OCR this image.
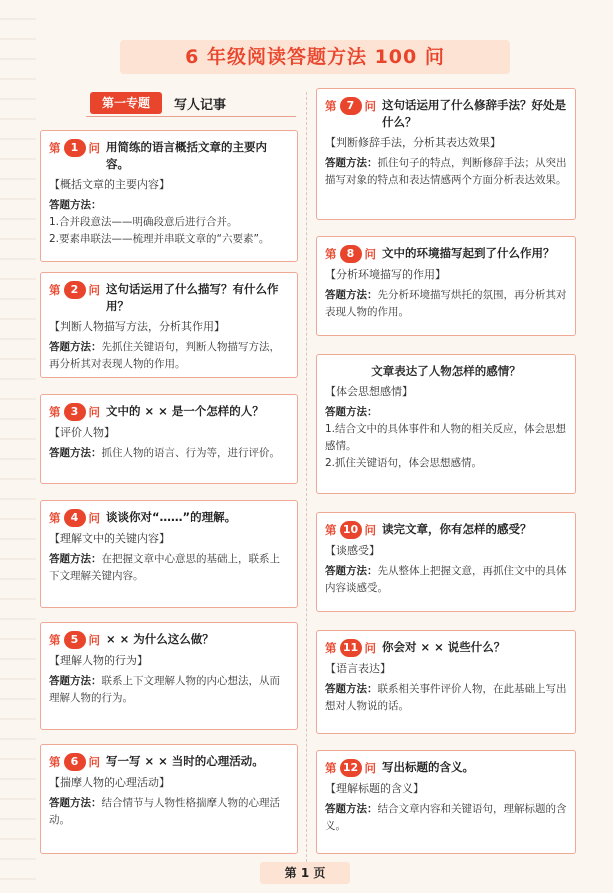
6 年级阅读答题方法 100 问
第一专题	写人记事
第 1 问 用简练的语言概括文章的主要内容。
【概括文章的主要内容】
答题方法：
1.合并段意法——明确段意后进行合并。
2.要素串联法——梳理并串联文章的“六要素”。
第 2 问 这句话运用了什么描写？有什么作用？
【判断人物描写方法，分析其作用】
答题方法：先抓住关键语句，判断人物描写方法，再分析其对表现人物的作用。
第 3 问 文中的 × × 是一个怎样的人？
【评价人物】
答题方法：抓住人物的语言、行为等，进行评价。
第 4 问 谈谈你对“……”的理解。
【理解文中的关键内容】
答题方法：在把握文章中心意思的基础上，联系上下文理解关键内容。
第 5 问 × × 为什么这么做？
【理解人物的行为】
答题方法：联系上下文理解人物的内心想法，从而理解人物的行为。
第 6 问 写一写 × × 当时的心理活动。
【揣摩人物的心理活动】
答题方法：结合情节与人物性格揣摩人物的心理活动。
第 7 问 这句话运用了什么修辞手法？好处是什么？
【判断修辞手法，分析其表达效果】
答题方法：抓住句子的特点，判断修辞手法；从突出描写对象的特点和表达情感两个方面分析表达效果。
第 8 问 文中的环境描写起到了什么作用？
【分析环境描写的作用】
答题方法：先分析环境描写烘托的氛围，再分析其对表现人物的作用。
文章表达了人物怎样的感情？
【体会思想感情】
答题方法：
1.结合文中的具体事件和人物的相关反应，体会思想感情。
2.抓住关键语句，体会思想感情。
第 10 问 读完文章，你有怎样的感受？
【谈感受】
答题方法：先从整体上把握文意，再抓住文中的具体内容谈感受。
第 11 问 你会对 × × 说些什么？
【语言表达】
答题方法：联系相关事件评价人物，在此基础上写出想对人物说的话。
第 12 问 写出标题的含义。
【理解标题的含义】
答题方法：结合文章内容和关键语句，理解标题的含义。
第 1 页
